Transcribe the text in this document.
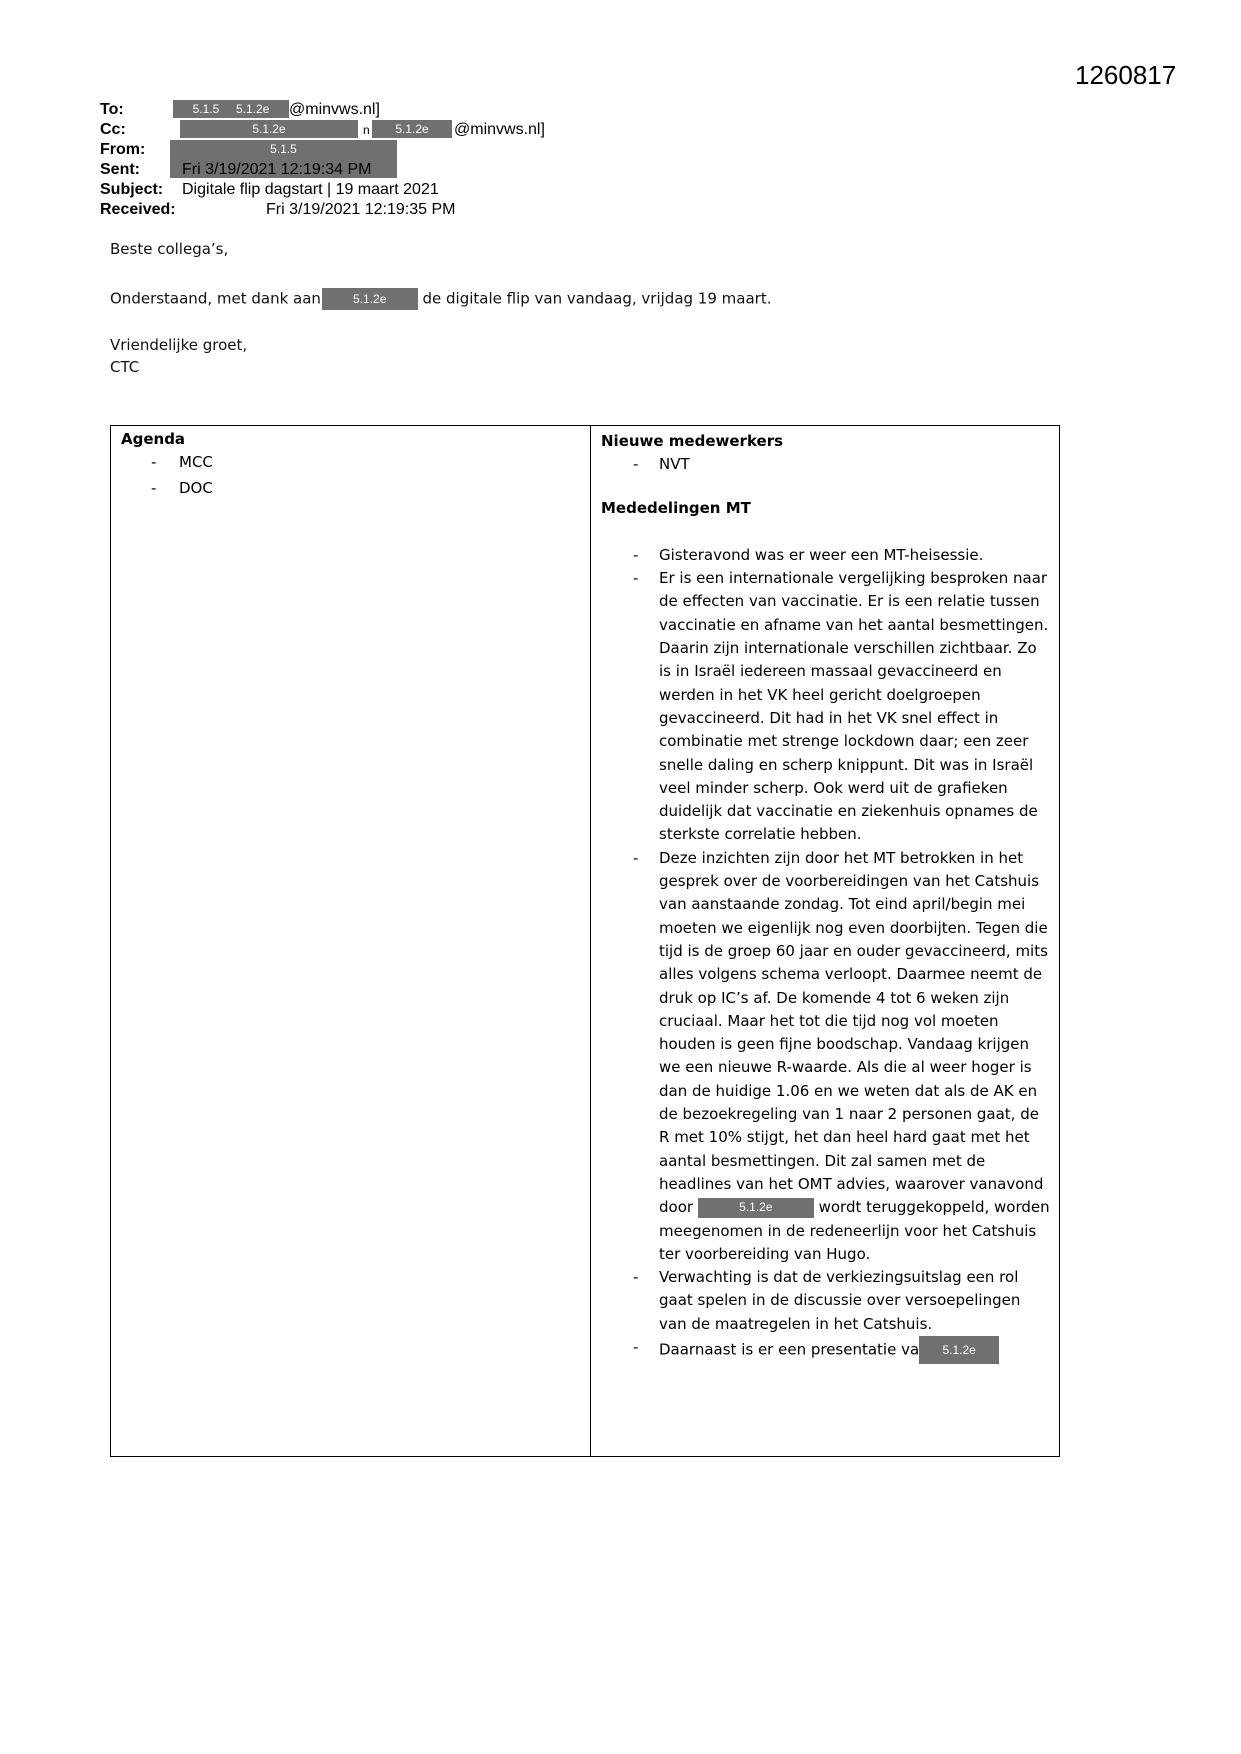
1260817
To:	5.1.5 5.1.2e	@minvws.nl]
Cc:	5.1.2e	n	5.1.2e	@minvws.nl]
From:	5.1.5
Sent:	Fri 3/19/2021 12:19:34 PM
Subject: Digitale flip dagstart | 19 maart 2021
Received:	Fri 3/19/2021 12:19:35 PM
Beste collega’s,
Onderstaand, met dank aan	5.1.2e de digitale flip van vandaag, vrijdag 19 maart.
Vriendelijke groet,
CTC
Agenda
- MCC
- DOC
Nieuwe medewerkers
- NVT
Mededelingen MT
- Gisteravond was er weer een MT-heisessie.
- Er is een internationale vergelijking besproken naar de effecten van vaccinatie. Er is een relatie tussen vaccinatie en afname van het aantal besmettingen. Daarin zijn internationale verschillen zichtbaar. Zo is in Israël iedereen massaal gevaccineerd en werden in het VK heel gericht doelgroepen gevaccineerd. Dit had in het VK snel effect in combinatie met strenge lockdown daar; een zeer snelle daling en scherp knippunt. Dit was in Israël veel minder scherp. Ook werd uit de grafieken duidelijk dat vaccinatie en ziekenhuis opnames de sterkste correlatie hebben.
- Deze inzichten zijn door het MT betrokken in het gesprek over de voorbereidingen van het Catshuis van aanstaande zondag. Tot eind april/begin mei moeten we eigenlijk nog even doorbijten. Tegen die tijd is de groep 60 jaar en ouder gevaccineerd, mits alles volgens schema verloopt. Daarmee neemt de druk op IC’s af. De komende 4 tot 6 weken zijn cruciaal. Maar het tot die tijd nog vol moeten houden is geen fijne boodschap. Vandaag krijgen we een nieuwe R-waarde. Als die al weer hoger is dan de huidige 1.06 en we weten dat als de AK en de bezoekregeling van 1 naar 2 personen gaat, de R met 10% stijgt, het dan heel hard gaat met het aantal besmettingen. Dit zal samen met de headlines van het OMT advies, waarover vanavond door	5.1.2e	wordt teruggekoppeld, worden meegenomen in de redeneerlijn voor het Catshuis ter voorbereiding van Hugo.
- Verwachting is dat de verkiezingsuitslag een rol gaat spelen in de discussie over versoepelingen van de maatregelen in het Catshuis.
- Daarnaast is er een presentatie va 5.1.2e
